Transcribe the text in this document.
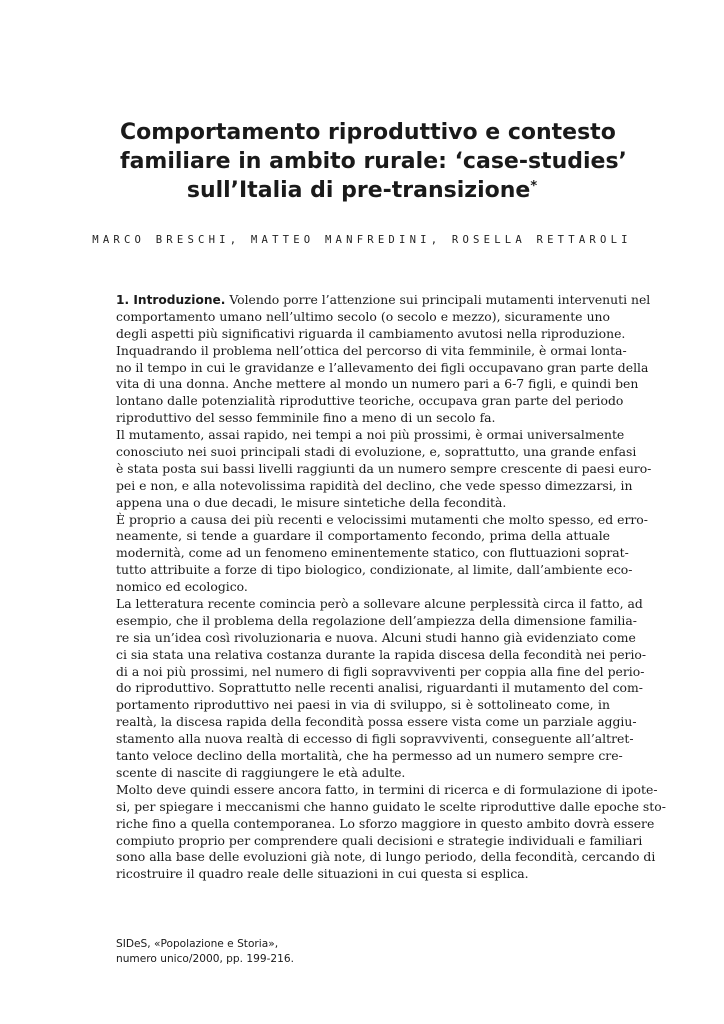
Comportamento riproduttivo e contesto
familiare in ambito rurale: ‘case-studies’
sull’Italia di pre-transizione*
MARCO BRESCHI, MATTEO MANFREDINI, ROSELLA RETTAROLI
1. Introduzione. Volendo porre l’attenzione sui principali mutamenti intervenuti nel
comportamento umano nell’ultimo secolo (o secolo e mezzo), sicuramente uno
degli aspetti più significativi riguarda il cambiamento avutosi nella riproduzione.
Inquadrando il problema nell’ottica del percorso di vita femminile, è ormai lonta-
no il tempo in cui le gravidanze e l’allevamento dei figli occupavano gran parte della
vita di una donna. Anche mettere al mondo un numero pari a 6-7 figli, e quindi ben
lontano dalle potenzialità riproduttive teoriche, occupava gran parte del periodo
riproduttivo del sesso femminile fino a meno di un secolo fa.
Il mutamento, assai rapido, nei tempi a noi più prossimi, è ormai universalmente
conosciuto nei suoi principali stadi di evoluzione, e, soprattutto, una grande enfasi
è stata posta sui bassi livelli raggiunti da un numero sempre crescente di paesi euro-
pei e non, e alla notevolissima rapidità del declino, che vede spesso dimezzarsi, in
appena una o due decadi, le misure sintetiche della fecondità.
È proprio a causa dei più recenti e velocissimi mutamenti che molto spesso, ed erro-
neamente, si tende a guardare il comportamento fecondo, prima della attuale
modernità, come ad un fenomeno eminentemente statico, con fluttuazioni soprat-
tutto attribuite a forze di tipo biologico, condizionate, al limite, dall’ambiente eco-
nomico ed ecologico.
La letteratura recente comincia però a sollevare alcune perplessità circa il fatto, ad
esempio, che il problema della regolazione dell’ampiezza della dimensione familia-
re sia un’idea così rivoluzionaria e nuova. Alcuni studi hanno già evidenziato come
ci sia stata una relativa costanza durante la rapida discesa della fecondità nei perio-
di a noi più prossimi, nel numero di figli sopravviventi per coppia alla fine del perio-
do riproduttivo. Soprattutto nelle recenti analisi, riguardanti il mutamento del com-
portamento riproduttivo nei paesi in via di sviluppo, si è sottolineato come, in
realtà, la discesa rapida della fecondità possa essere vista come un parziale aggiu-
stamento alla nuova realtà di eccesso di figli sopravviventi, conseguente all’altret-
tanto veloce declino della mortalità, che ha permesso ad un numero sempre cre-
scente di nascite di raggiungere le età adulte.
Molto deve quindi essere ancora fatto, in termini di ricerca e di formulazione di ipote-
si, per spiegare i meccanismi che hanno guidato le scelte riproduttive dalle epoche sto-
riche fino a quella contemporanea. Lo sforzo maggiore in questo ambito dovrà essere
compiuto proprio per comprendere quali decisioni e strategie individuali e familiari
sono alla base delle evoluzioni già note, di lungo periodo, della fecondità, cercando di
ricostruire il quadro reale delle situazioni in cui questa si esplica.
SIDeS, «Popolazione e Storia»,
numero unico/2000, pp. 199-216.
